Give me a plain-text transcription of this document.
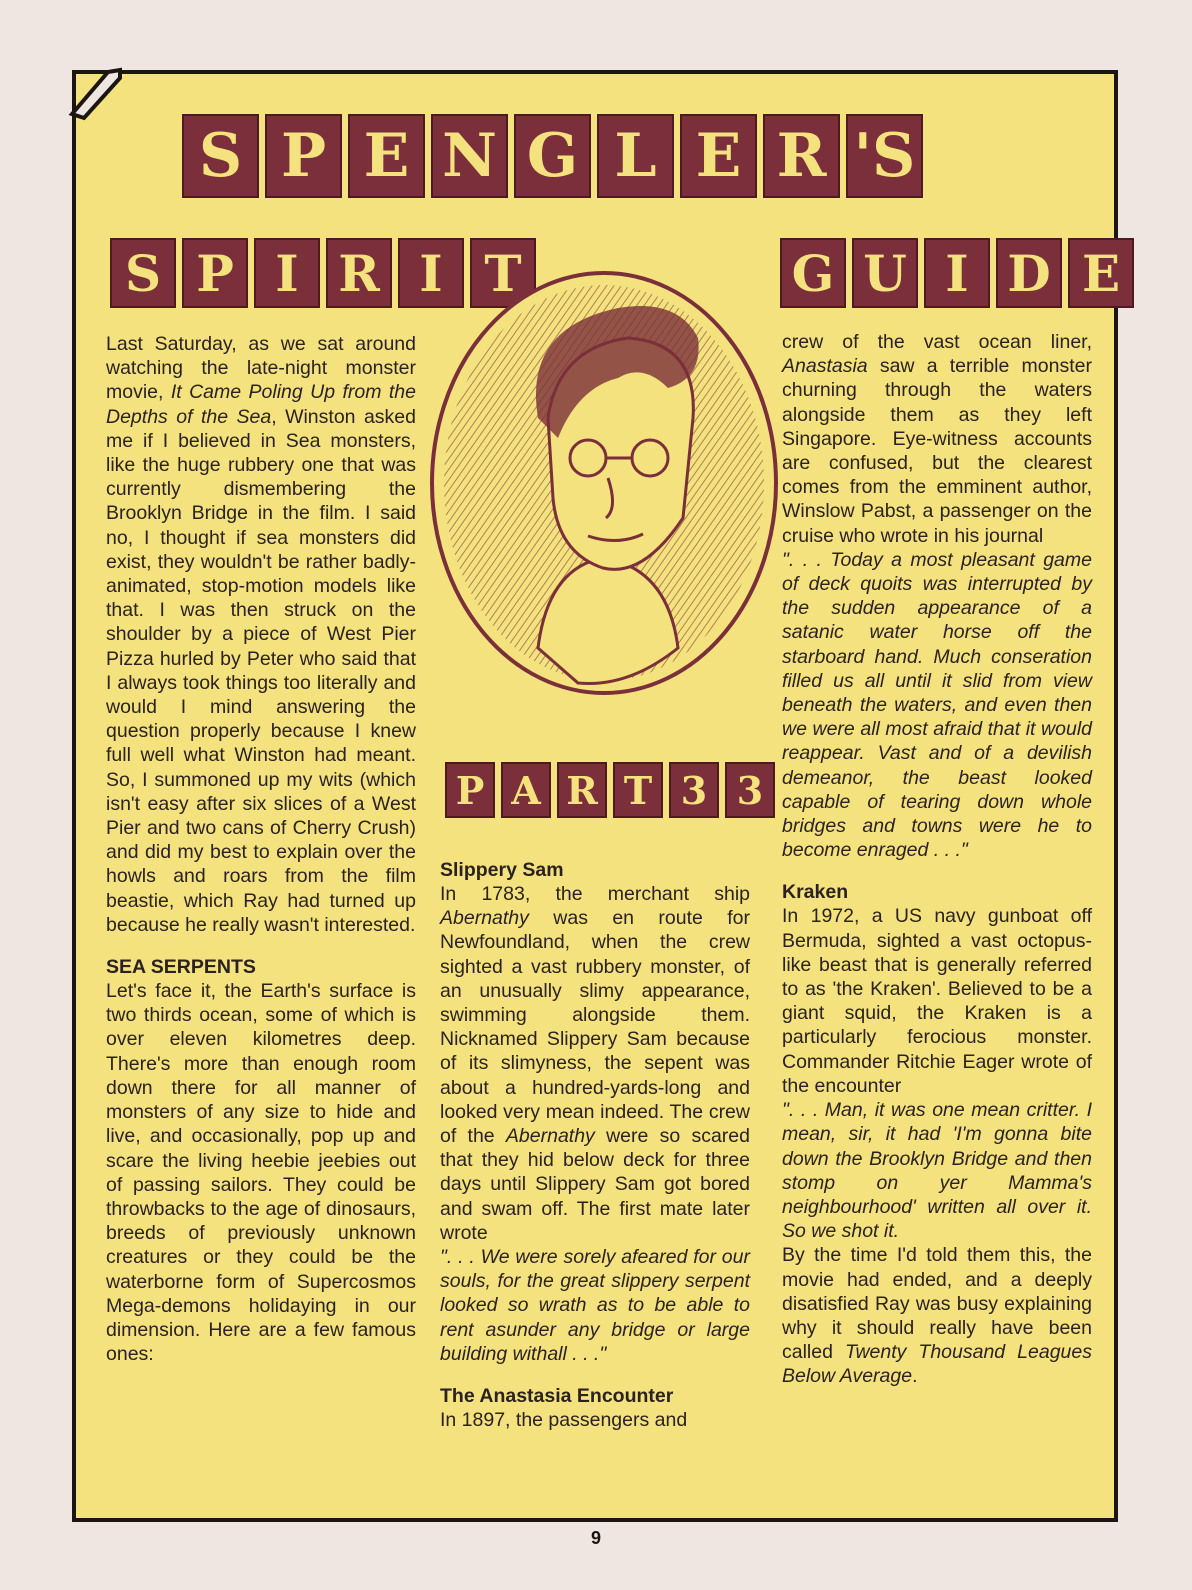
S P E N G L E R 'S
S P I R I T	G U I D E
P A R T 3 3

Last Saturday, as we sat around watching the late-night monster movie, It Came Poling Up from the Depths of the Sea, Winston asked me if I believed in Sea monsters, like the huge rubbery one that was currently dismembering the Brooklyn Bridge in the film. I said no, I thought if sea monsters did exist, they wouldn't be rather badly-animated, stop-motion models like that. I was then struck on the shoulder by a piece of West Pier Pizza hurled by Peter who said that I always took things too literally and would I mind answering the question properly because I knew full well what Winston had meant. So, I summoned up my wits (which isn't easy after six slices of a West Pier and two cans of Cherry Crush) and did my best to explain over the howls and roars from the film beastie, which Ray had turned up because he really wasn't interested.

SEA SERPENTS

Let's face it, the Earth's surface is two thirds ocean, some of which is over eleven kilometres deep. There's more than enough room down there for all manner of monsters of any size to hide and live, and occasionally, pop up and scare the living heebie jeebies out of passing sailors. They could be throwbacks to the age of dinosaurs, breeds of previously unknown creatures or they could be the waterborne form of Supercosmos Mega-demons holidaying in our dimension. Here are a few famous ones:

Slippery Sam

In 1783, the merchant ship Abernathy was en route for Newfoundland, when the crew sighted a vast rubbery monster, of an unusually slimy appearance, swimming alongside them. Nicknamed Slippery Sam because of its slimyness, the sepent was about a hundred-yards-long and looked very mean indeed. The crew of the Abernathy were so scared that they hid below deck for three days until Slippery Sam got bored and swam off. The first mate later wrote

". . . We were sorely afeared for our souls, for the great slippery serpent looked so wrath as to be able to rent asunder any bridge or large building withall . . ."

The Anastasia Encounter

In 1897, the passengers and

crew of the vast ocean liner, Anastasia saw a terrible monster churning through the waters alongside them as they left Singapore. Eye-witness accounts are confused, but the clearest comes from the emminent author, Winslow Pabst, a passenger on the cruise who wrote in his journal

". . . Today a most pleasant game of deck quoits was interrupted by the sudden appearance of a satanic water horse off the starboard hand. Much conseration filled us all until it slid from view beneath the waters, and even then we were all most afraid that it would reappear. Vast and of a devilish demeanor, the beast looked capable of tearing down whole bridges and towns were he to become enraged . . ."

Kraken

In 1972, a US navy gunboat off Bermuda, sighted a vast octopus-like beast that is generally referred to as 'the Kraken'. Believed to be a giant squid, the Kraken is a particularly ferocious monster. Commander Ritchie Eager wrote of the encounter

". . . Man, it was one mean critter. I mean, sir, it had 'I'm gonna bite down the Brooklyn Bridge and then stomp on yer Mamma's neighbourhood' written all over it. So we shot it.

By the time I'd told them this, the movie had ended, and a deeply disatisfied Ray was busy explaining why it should really have been called Twenty Thousand Leagues Below Average.

9
